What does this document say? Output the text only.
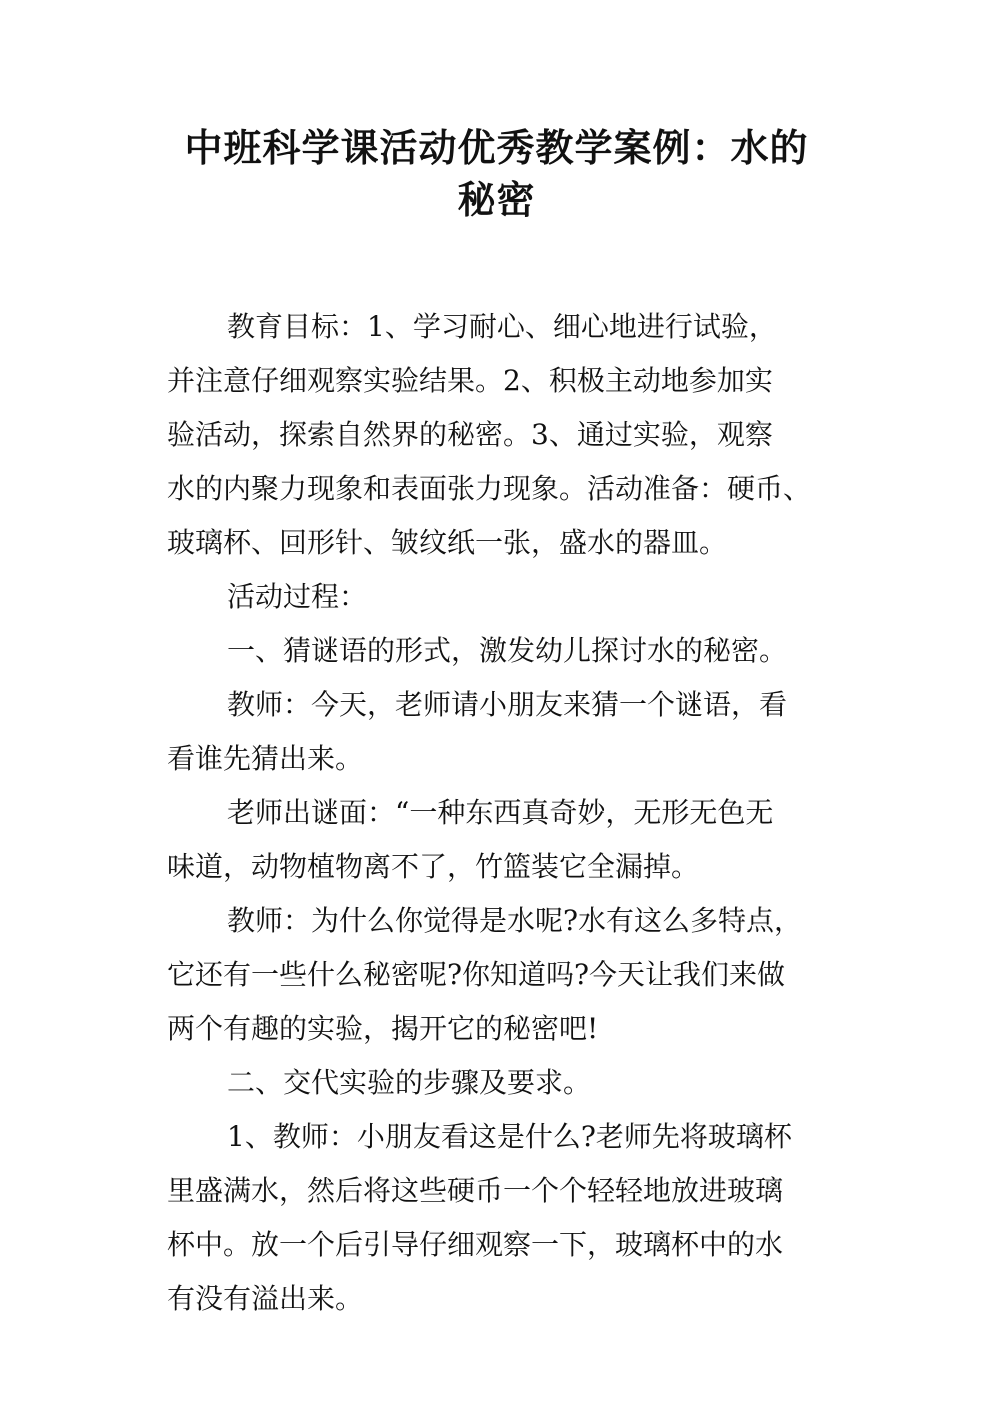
中班科学课活动优秀教学案例：水的
秘密
教育目标：1、学习耐心、细心地进行试验，
并注意仔细观察实验结果。2、积极主动地参加实
验活动，探索自然界的秘密。3、通过实验，观察
水的内聚力现象和表面张力现象。活动准备：硬币、
玻璃杯、回形针、皱纹纸一张，盛水的器皿。
活动过程：
一、猜谜语的形式，激发幼儿探讨水的秘密。
教师：今天，老师请小朋友来猜一个谜语，看
看谁先猜出来。
老师出谜面：“一种东西真奇妙，无形无色无
味道，动物植物离不了，竹篮装它全漏掉。
教师：为什么你觉得是水呢?水有这么多特点，
它还有一些什么秘密呢?你知道吗?今天让我们来做
两个有趣的实验，揭开它的秘密吧!
二、交代实验的步骤及要求。
1、教师：小朋友看这是什么?老师先将玻璃杯
里盛满水，然后将这些硬币一个个轻轻地放进玻璃
杯中。放一个后引导仔细观察一下，玻璃杯中的水
有没有溢出来。
